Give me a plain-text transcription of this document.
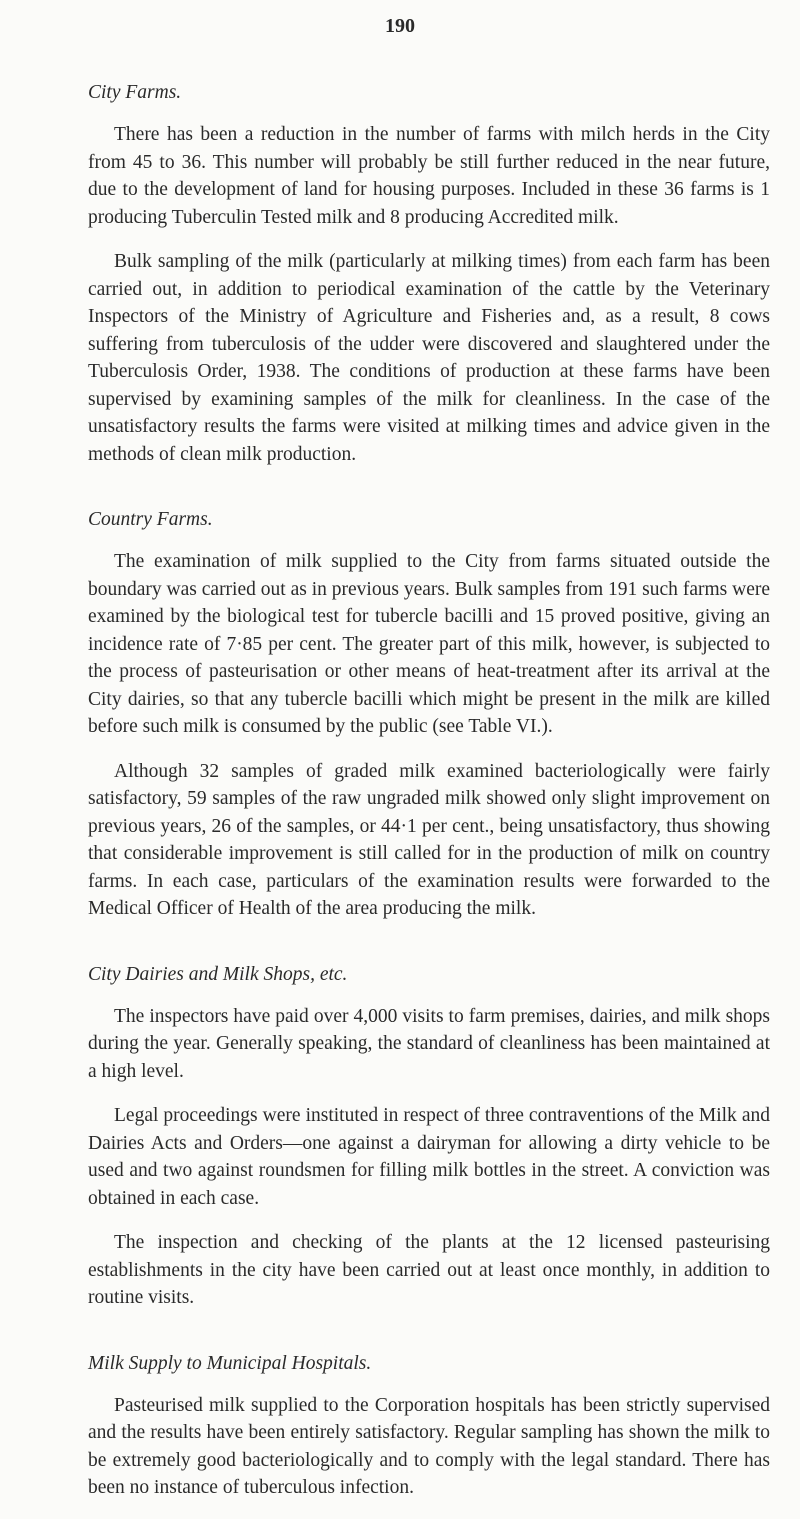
190
City Farms.

There has been a reduction in the number of farms with milch herds in the City from 45 to 36. This number will probably be still further reduced in the near future, due to the development of land for housing purposes. Included in these 36 farms is 1 producing Tuberculin Tested milk and 8 producing Accredited milk.

Bulk sampling of the milk (particularly at milking times) from each farm has been carried out, in addition to periodical examination of the cattle by the Veterinary Inspectors of the Ministry of Agriculture and Fisheries and, as a result, 8 cows suffering from tuberculosis of the udder were discovered and slaughtered under the Tuberculosis Order, 1938. The conditions of production at these farms have been supervised by examining samples of the milk for cleanliness. In the case of the unsatisfactory results the farms were visited at milking times and advice given in the methods of clean milk production.

Country Farms.

The examination of milk supplied to the City from farms situated outside the boundary was carried out as in previous years. Bulk samples from 191 such farms were examined by the biological test for tubercle bacilli and 15 proved positive, giving an incidence rate of 7·85 per cent. The greater part of this milk, however, is subjected to the process of pasteurisation or other means of heat-treatment after its arrival at the City dairies, so that any tubercle bacilli which might be present in the milk are killed before such milk is consumed by the public (see Table VI.).

Although 32 samples of graded milk examined bacteriologically were fairly satisfactory, 59 samples of the raw ungraded milk showed only slight improvement on previous years, 26 of the samples, or 44·1 per cent., being unsatisfactory, thus showing that considerable improvement is still called for in the production of milk on country farms. In each case, particulars of the examination results were forwarded to the Medical Officer of Health of the area producing the milk.

City Dairies and Milk Shops, etc.

The inspectors have paid over 4,000 visits to farm premises, dairies, and milk shops during the year. Generally speaking, the standard of cleanliness has been maintained at a high level.

Legal proceedings were instituted in respect of three contraventions of the Milk and Dairies Acts and Orders—one against a dairyman for allowing a dirty vehicle to be used and two against roundsmen for filling milk bottles in the street. A conviction was obtained in each case.

The inspection and checking of the plants at the 12 licensed pasteurising establishments in the city have been carried out at least once monthly, in addition to routine visits.

Milk Supply to Municipal Hospitals.

Pasteurised milk supplied to the Corporation hospitals has been strictly supervised and the results have been entirely satisfactory. Regular sampling has shown the milk to be extremely good bacteriologically and to comply with the legal standard. There has been no instance of tuberculous infection.
